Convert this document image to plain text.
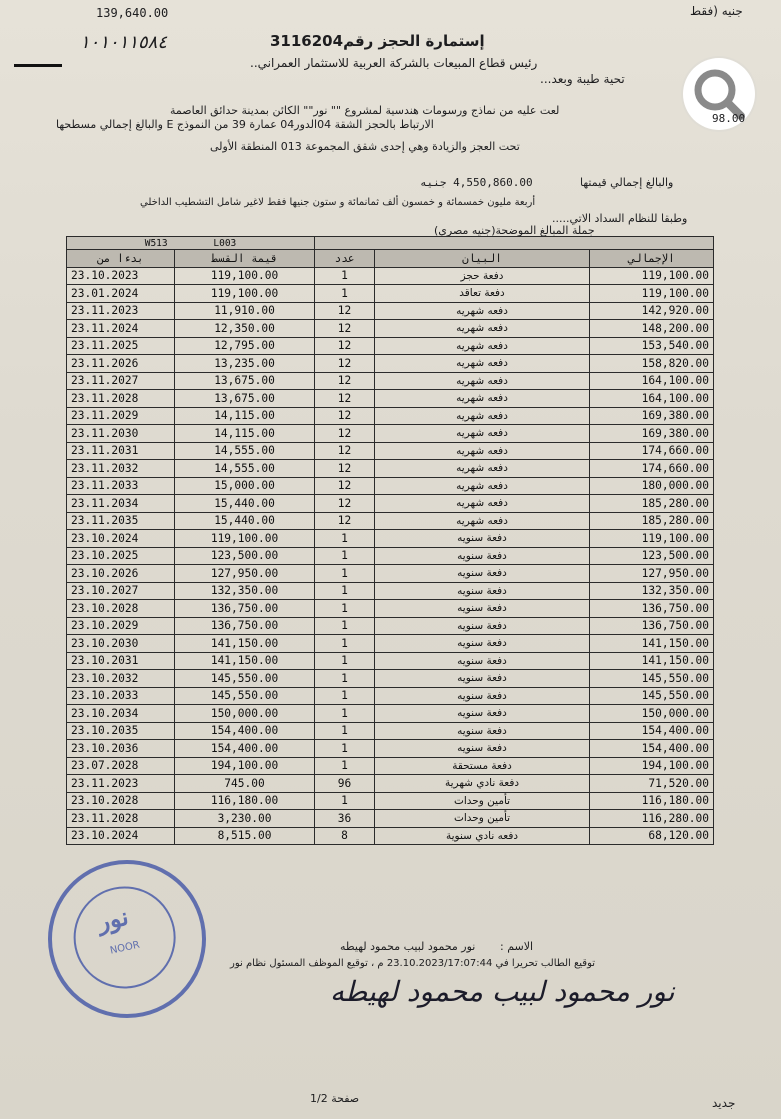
139,640.00	جنيه (فقط
إستمارة الحجز رقم3116204
١٠١٠١١٥٨٤
رئيس قطاع المبيعات بالشركة العربية للاستثمار العمراني..
تحية طيبة وبعد...
لعت عليه من نماذج ورسومات هندسية لمشروع "" نور"" الكائن بمدينة حدائق العاصمة
الارتباط بالحجز الشقة 04الدور04 عمارة 39 من النموذج E والبالغ إجمالي مسطحها
تحت العجز والزيادة وهي إحدى شقق المجموعة 013 المنطقة الأولى
98.00
والبالغ إجمالي قيمتها
4,550,860.00 جنيه
أربعة مليون خمسمائة و خمسون ألف ثمانمائة و ستون جنيها فقط لاغير شامل التشطيب الداخلي
وطبقا للنظام السداد الاتي.....
جملة المبالغ الموضحة(جنيه مصري)
W513 L003				
بدءا من	قيمة القسط	عدد	البيان	الإجمالي
23.10.2023	119,100.00	1	دفعة حجز	119,100.00
23.01.2024	119,100.00	1	دفعة تعاقد	119,100.00
23.11.2023	11,910.00	12	دفعه شهريه	142,920.00
23.11.2024	12,350.00	12	دفعه شهريه	148,200.00
23.11.2025	12,795.00	12	دفعه شهريه	153,540.00
23.11.2026	13,235.00	12	دفعه شهريه	158,820.00
23.11.2027	13,675.00	12	دفعه شهريه	164,100.00
23.11.2028	13,675.00	12	دفعه شهريه	164,100.00
23.11.2029	14,115.00	12	دفعه شهريه	169,380.00
23.11.2030	14,115.00	12	دفعه شهريه	169,380.00
23.11.2031	14,555.00	12	دفعه شهريه	174,660.00
23.11.2032	14,555.00	12	دفعه شهريه	174,660.00
23.11.2033	15,000.00	12	دفعه شهريه	180,000.00
23.11.2034	15,440.00	12	دفعه شهريه	185,280.00
23.11.2035	15,440.00	12	دفعه شهريه	185,280.00
23.10.2024	119,100.00	1	دفعة سنويه	119,100.00
23.10.2025	123,500.00	1	دفعة سنويه	123,500.00
23.10.2026	127,950.00	1	دفعة سنويه	127,950.00
23.10.2027	132,350.00	1	دفعة سنويه	132,350.00
23.10.2028	136,750.00	1	دفعة سنويه	136,750.00
23.10.2029	136,750.00	1	دفعة سنويه	136,750.00
23.10.2030	141,150.00	1	دفعة سنويه	141,150.00
23.10.2031	141,150.00	1	دفعة سنويه	141,150.00
23.10.2032	145,550.00	1	دفعة سنويه	145,550.00
23.10.2033	145,550.00	1	دفعة سنويه	145,550.00
23.10.2034	150,000.00	1	دفعة سنويه	150,000.00
23.10.2035	154,400.00	1	دفعة سنويه	154,400.00
23.10.2036	154,400.00	1	دفعة سنويه	154,400.00
23.07.2028	194,100.00	1	دفعة مستحقة	194,100.00
23.11.2023	745.00	96	دفعة نادي شهرية	71,520.00
23.10.2028	116,180.00	1	تأمين وحدات	116,180.00
23.11.2028	3,230.00	36	تأمين وحدات	116,280.00
23.10.2024	8,515.00	8	دفعه نادي سنوية	68,120.00
الاسم :
نور محمود لبيب محمود لهيطه
توقيع الطالب تحريرا في 23.10.2023/17:07:44 م ، توقيع الموظف المسئول نظام نور
نور محمود لبيب محمود لهيطه
نور
NOOR
صفحة 1/2	جديد
